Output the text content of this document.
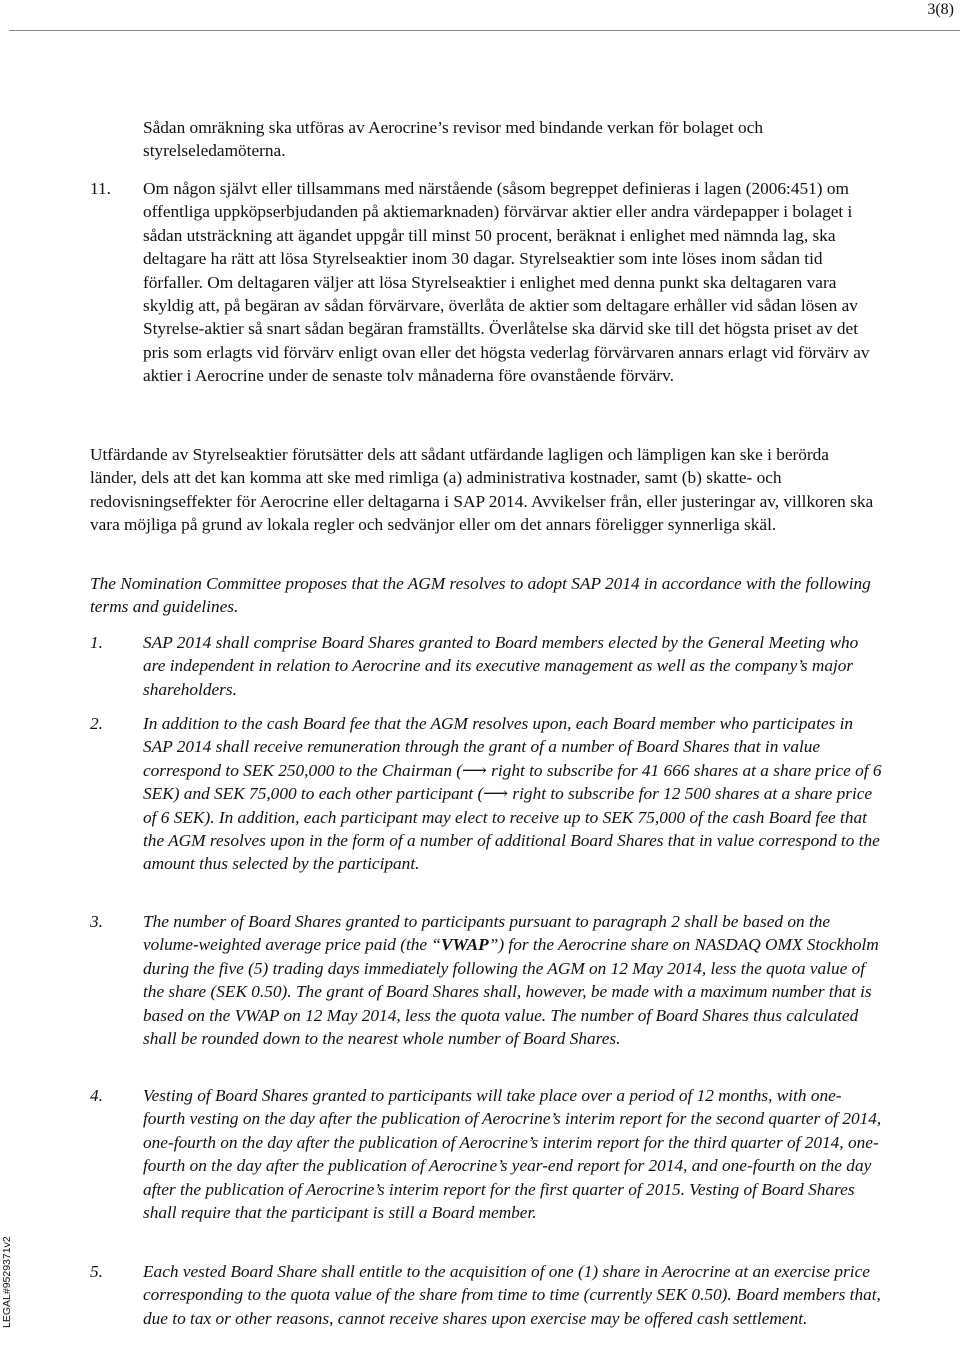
3(8)
LEGAL#9529371v2

Sådan omräkning ska utföras av Aerocrine’s revisor med bindande verkan för bolaget och styrelseledamöterna.

11. Om någon självt eller tillsammans med närstående (såsom begreppet definieras i lagen (2006:451) om offentliga uppköpserbjudanden på aktiemarknaden) förvärvar aktier eller andra värdepapper i bolaget i sådan utsträckning att ägandet uppgår till minst 50 procent, beräknat i enlighet med nämnda lag, ska deltagare ha rätt att lösa Styrelseaktier inom 30 dagar. Styrelseaktier som inte löses inom sådan tid förfaller. Om deltagaren väljer att lösa Styrelseaktier i enlighet med denna punkt ska deltagaren vara skyldig att, på begäran av sådan förvärvare, överlåta de aktier som deltagare erhåller vid sådan lösen av Styrelse-aktier så snart sådan begäran framställts. Överlåtelse ska därvid ske till det högsta priset av det pris som erlagts vid förvärv enligt ovan eller det högsta vederlag förvärvaren annars erlagt vid förvärv av aktier i Aerocrine under de senaste tolv månaderna före ovanstående förvärv.

Utfärdande av Styrelseaktier förutsätter dels att sådant utfärdande lagligen och lämpligen kan ske i berörda länder, dels att det kan komma att ske med rimliga (a) administrativa kostnader, samt (b) skatte- och redovisningseffekter för Aerocrine eller deltagarna i SAP 2014. Avvikelser från, eller justeringar av, villkoren ska vara möjliga på grund av lokala regler och sedvänjor eller om det annars föreligger synnerliga skäl.

The Nomination Committee proposes that the AGM resolves to adopt SAP 2014 in accordance with the following terms and guidelines.

1. SAP 2014 shall comprise Board Shares granted to Board members elected by the General Meeting who are independent in relation to Aerocrine and its executive management as well as the company’s major shareholders.

2. In addition to the cash Board fee that the AGM resolves upon, each Board member who participates in SAP 2014 shall receive remuneration through the grant of a number of Board Shares that in value correspond to SEK 250,000 to the Chairman (⟶ right to subscribe for 41 666 shares at a share price of 6 SEK) and SEK 75,000 to each other participant (⟶ right to subscribe for 12 500 shares at a share price of 6 SEK). In addition, each participant may elect to receive up to SEK 75,000 of the cash Board fee that the AGM resolves upon in the form of a number of additional Board Shares that in value correspond to the amount thus selected by the participant.

3. The number of Board Shares granted to participants pursuant to paragraph 2 shall be based on the volume-weighted average price paid (the “VWAP”) for the Aerocrine share on NASDAQ OMX Stockholm during the five (5) trading days immediately following the AGM on 12 May 2014, less the quota value of the share (SEK 0.50). The grant of Board Shares shall, however, be made with a maximum number that is based on the VWAP on 12 May 2014, less the quota value. The number of Board Shares thus calculated shall be rounded down to the nearest whole number of Board Shares.

4. Vesting of Board Shares granted to participants will take place over a period of 12 months, with one-fourth vesting on the day after the publication of Aerocrine’s interim report for the second quarter of 2014, one-fourth on the day after the publication of Aerocrine’s interim report for the third quarter of 2014, one-fourth on the day after the publication of Aerocrine’s year-end report for 2014, and one-fourth on the day after the publication of Aerocrine’s interim report for the first quarter of 2015. Vesting of Board Shares shall require that the participant is still a Board member.

5. Each vested Board Share shall entitle to the acquisition of one (1) share in Aerocrine at an exercise price corresponding to the quota value of the share from time to time (currently SEK 0.50). Board members that, due to tax or other reasons, cannot receive shares upon exercise may be offered cash settlement.
